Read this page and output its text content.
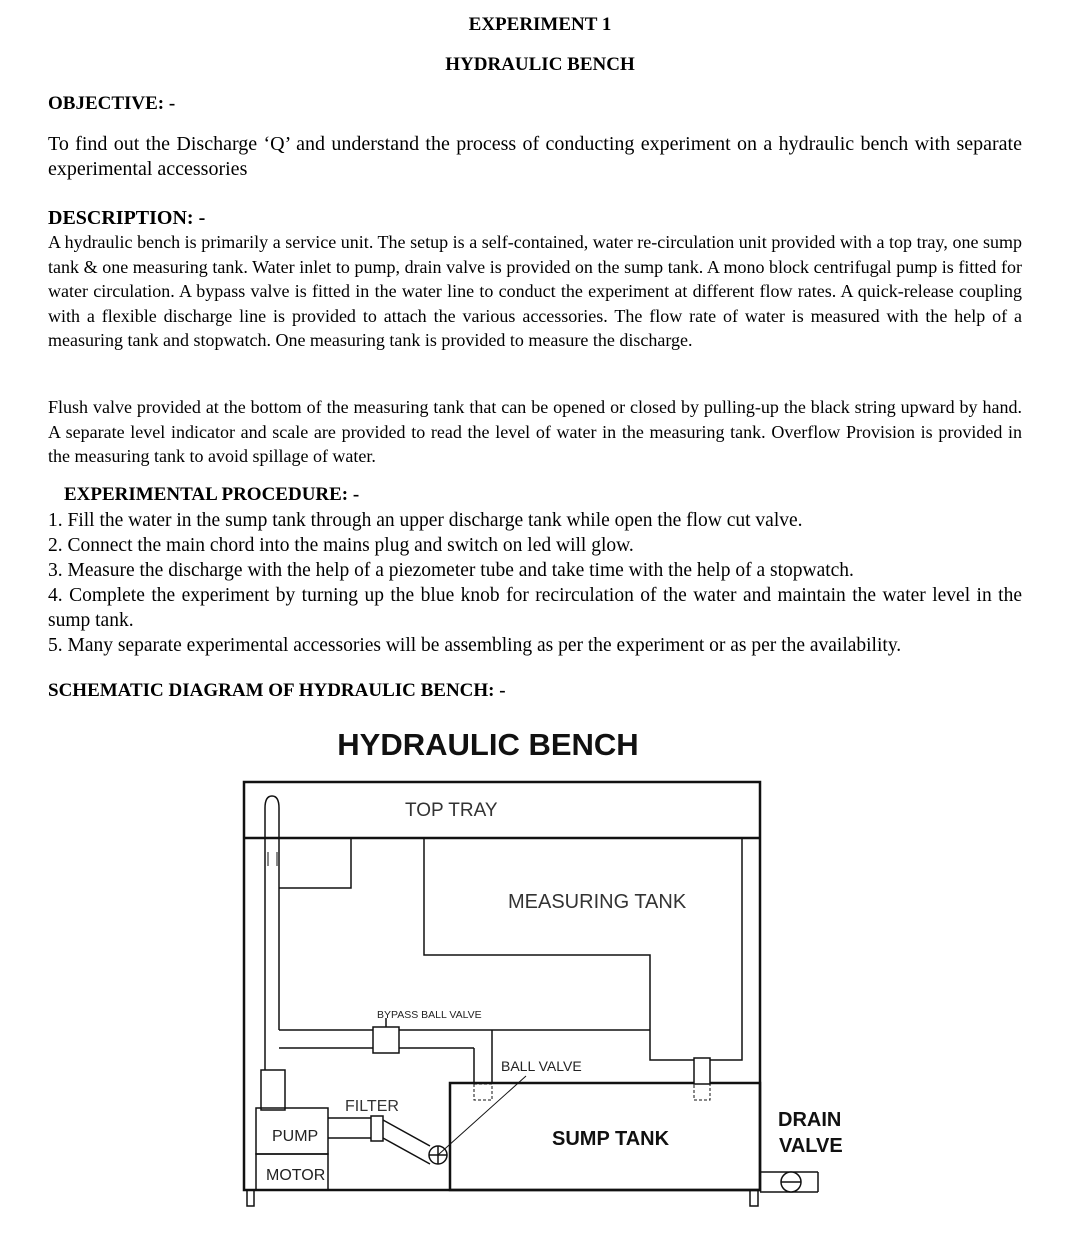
EXPERIMENT 1
HYDRAULIC BENCH
OBJECTIVE: -
To find out the Discharge ‘Q’ and understand the process of conducting experiment on a hydraulic bench with separate experimental accessories
DESCRIPTION: -
A hydraulic bench is primarily a service unit. The setup is a self-contained, water re-circulation unit provided with a top tray, one sump tank & one measuring tank. Water inlet to pump, drain valve is provided on the sump tank. A mono block centrifugal pump is fitted for water circulation. A bypass valve is fitted in the water line to conduct the experiment at different flow rates. A quick-release coupling with a flexible discharge line is provided to attach the various accessories. The flow rate of water is measured with the help of a measuring tank and stopwatch. One measuring tank is provided to measure the discharge.
Flush valve provided at the bottom of the measuring tank that can be opened or closed by pulling-up the black string upward by hand. A separate level indicator and scale are provided to read the level of water in the measuring tank. Overflow Provision is provided in the measuring tank to avoid spillage of water.
EXPERIMENTAL PROCEDURE: -
1. Fill the water in the sump tank through an upper discharge tank while open the flow cut valve.
2. Connect the main chord into the mains plug and switch on led will glow.
3. Measure the discharge with the help of a piezometer tube and take time with the help of a stopwatch.
4. Complete the experiment by turning up the blue knob for recirculation of the water and maintain the water level in the sump tank.
5. Many separate experimental accessories will be assembling as per the experiment or as per the availability.
SCHEMATIC DIAGRAM OF HYDRAULIC BENCH: -
HYDRAULIC BENCH
TOP TRAY
MEASURING TANK
BYPASS BALL VALVE
BALL VALVE
FILTER
PUMP	SUMP TANK
MOTOR
DRAIN
VALVE
